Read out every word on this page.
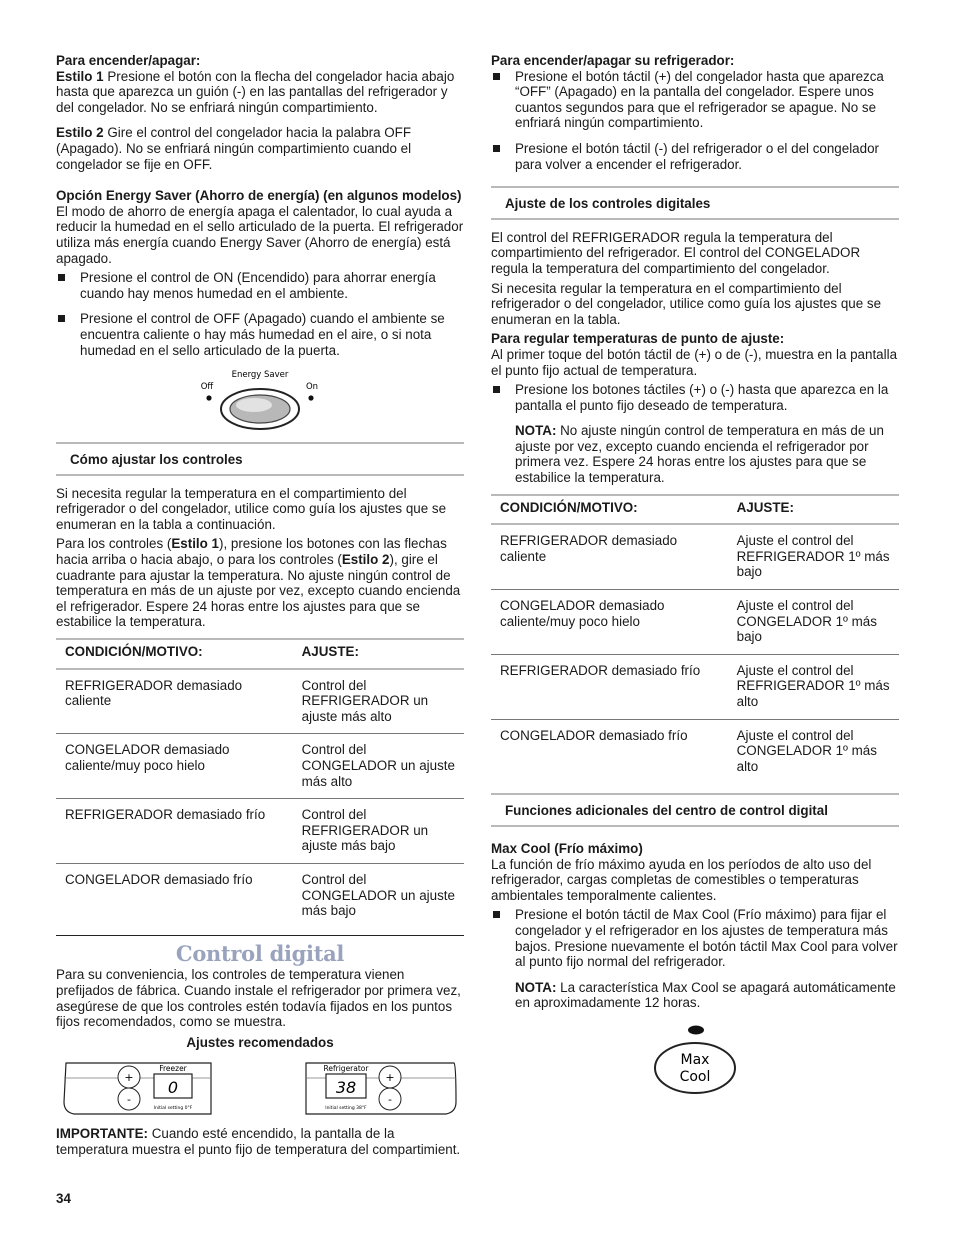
Para encender/apagar:

Estilo 1 Presione el botón con la flecha del congelador hacia abajo hasta que aparezca un guión (-) en las pantallas del refrigerador y del congelador. No se enfriará ningún compartimiento.

Estilo 2 Gire el control del congelador hacia la palabra OFF (Apagado). No se enfriará ningún compartimiento cuando el congelador se fije en OFF.

Opción Energy Saver (Ahorro de energía) (en algunos modelos)

El modo de ahorro de energía apaga el calentador, lo cual ayuda a reducir la humedad en el sello articulado de la puerta. El refrigerador utiliza más energía cuando Energy Saver (Ahorro de energía) está apagado.

Presione el control de ON (Encendido) para ahorrar energía cuando hay menos humedad en el ambiente.

Presione el control de OFF (Apagado) cuando el ambiente se encuentra caliente o hay más humedad en el aire, o si nota humedad en el sello articulado de la puerta.

Energy Saver
Off	On
Cómo ajustar los controles

Si necesita regular la temperatura en el compartimiento del refrigerador o del congelador, utilice como guía los ajustes que se enumeran en la tabla a continuación.

Para los controles (Estilo 1), presione los botones con las flechas hacia arriba o hacia abajo, o para los controles (Estilo 2), gire el cuadrante para ajustar la temperatura. No ajuste ningún control de temperatura en más de un ajuste por vez, excepto cuando encienda el refrigerador. Espere 24 horas entre los ajustes para que se estabilice la temperatura.

CONDICIÓN/MOTIVO:	AJUSTE:
REFRIGERADOR demasiado caliente	Control del REFRIGERADOR un ajuste más alto
CONGELADOR demasiado caliente/muy poco hielo	Control del CONGELADOR un ajuste más alto
REFRIGERADOR demasiado frío	Control del REFRIGERADOR un ajuste más bajo
CONGELADOR demasiado frío	Control del CONGELADOR un ajuste más bajo
Control digital

Para su conveniencia, los controles de temperatura vienen prefijados de fábrica. Cuando instale el refrigerador por primera vez, asegúrese de que los controles estén todavía fijados en los puntos fijos recomendados, como se muestra.

Ajustes recomendados

+
-
Freezer
0
Initial setting 0°F
Refrigerator
38
Initial setting 38°F
+
-

IMPORTANTE: Cuando esté encendido, la pantalla de la temperatura muestra el punto fijo de temperatura del compartimient.

Para encender/apagar su refrigerador:

Presione el botón táctil (+) del congelador hasta que aparezca “OFF” (Apagado) en la pantalla del congelador. Espere unos cuantos segundos para que el refrigerador se apague. No se enfriará ningún compartimiento.

Presione el botón táctil (-) del refrigerador o el del congelador para volver a encender el refrigerador.

Ajuste de los controles digitales

El control del REFRIGERADOR regula la temperatura del compartimiento del refrigerador. El control del CONGELADOR regula la temperatura del compartimiento del congelador.

Si necesita regular la temperatura en el compartimiento del refrigerador o del congelador, utilice como guía los ajustes que se enumeran en la tabla.

Para regular temperaturas de punto de ajuste:

Al primer toque del botón táctil de (+) o de (-), muestra en la pantalla el punto fijo actual de temperatura.

Presione los botones táctiles (+) o (-) hasta que aparezca en la pantalla el punto fijo deseado de temperatura.

NOTA: No ajuste ningún control de temperatura en más de un ajuste por vez, excepto cuando encienda el refrigerador por primera vez. Espere 24 horas entre los ajustes para que se estabilice la temperatura.

CONDICIÓN/MOTIVO:	AJUSTE:
REFRIGERADOR demasiado caliente	Ajuste el control del REFRIGERADOR 1º más bajo
CONGELADOR demasiado caliente/muy poco hielo	Ajuste el control del CONGELADOR 1º más bajo
REFRIGERADOR demasiado frío	Ajuste el control del REFRIGERADOR 1º más alto
CONGELADOR demasiado frío	Ajuste el control del CONGELADOR 1º más alto
Funciones adicionales del centro de control digital

Max Cool (Frío máximo)

La función de frío máximo ayuda en los períodos de alto uso del refrigerador, cargas completas de comestibles o temperaturas ambientales temporalmente calientes.

Presione el botón táctil de Max Cool (Frío máximo) para fijar el congelador y el refrigerador en los ajustes de temperatura más bajos. Presione nuevamente el botón táctil Max Cool para volver al punto fijo normal del refrigerador.

NOTA: La característica Max Cool se apagará automáticamente en aproximadamente 12 horas.

Max
Cool
34
